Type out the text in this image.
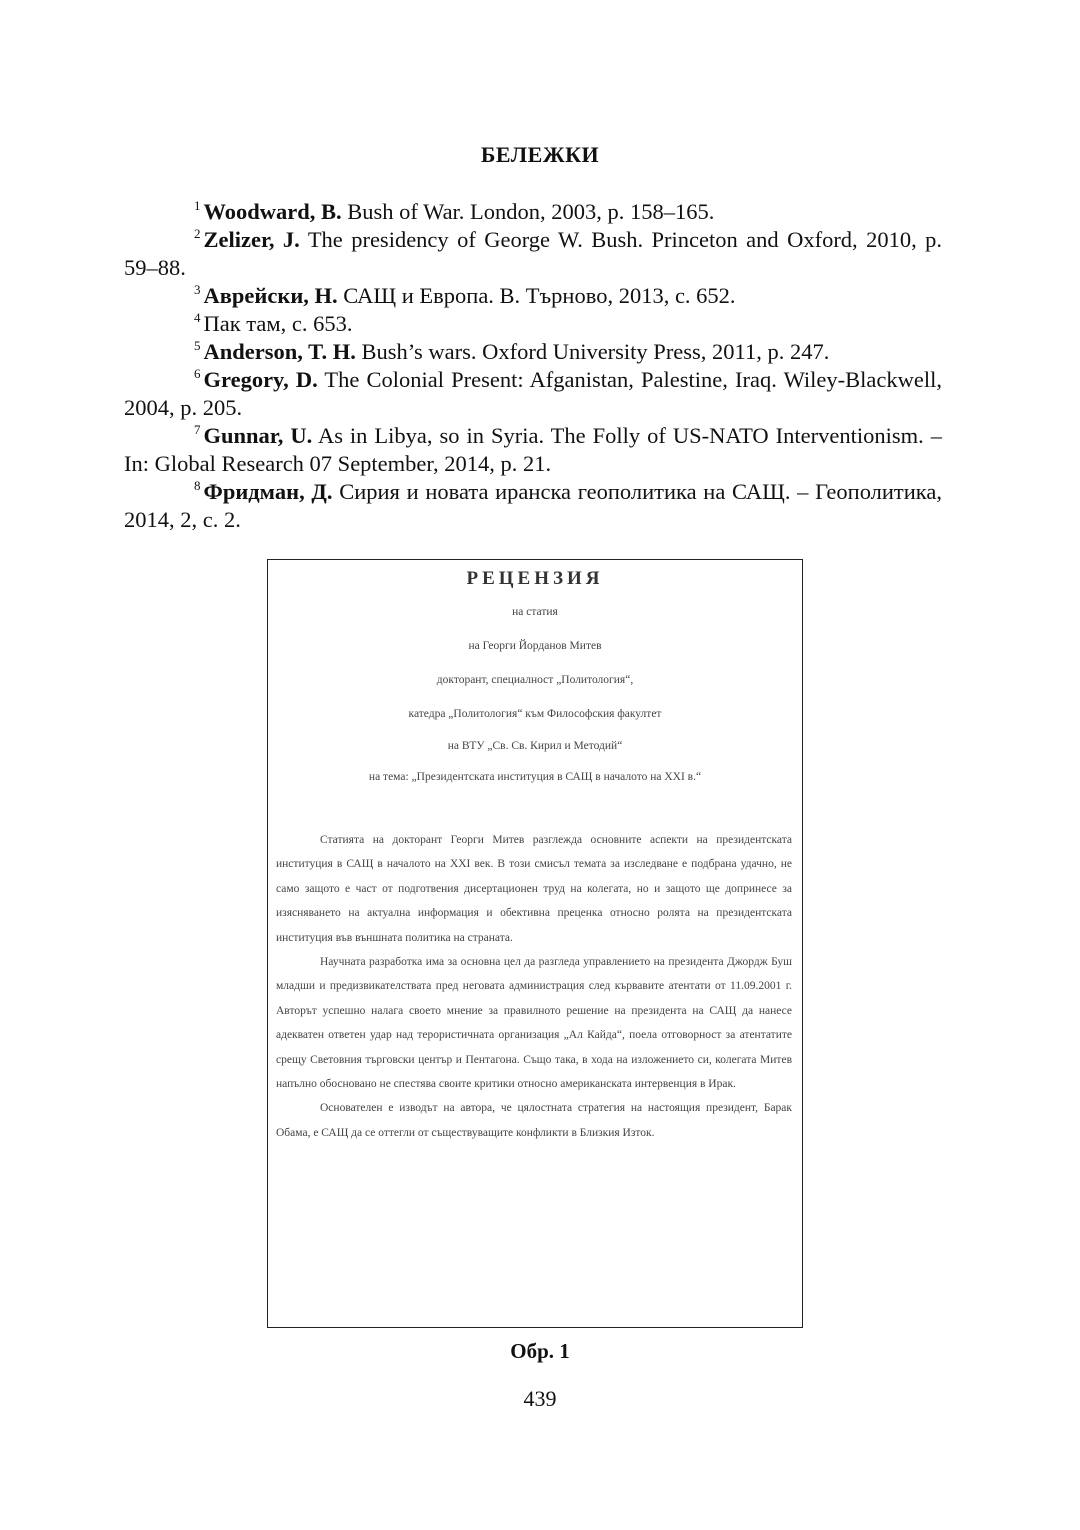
БЕЛЕЖКИ

$^1$ Woodward, B. Bush of War. London, 2003, p. 158–165.

$^2$ Zelizer, J. The presidency of George W. Bush. Princeton and Oxford, 2010, p. 59–88.

$^3$ Аврейски, Н. САЩ и Европа. В. Търново, 2013, с. 652.

$^4$ Пак там, с. 653.

$^5$ Anderson, T. H. Bush’s wars. Oxford University Press, 2011, p. 247.

$^6$ Gregory, D. The Colonial Present: Afganistan, Palestine, Iraq. Wiley-Blackwell, 2004, p. 205.

$^7$ Gunnar, U. As in Libya, so in Syria. The Folly of US-NATO Interventionism. – In: Global Research 07 September, 2014, p. 21.

$^8$ Фридман, Д. Сирия и новата иранска геополитика на САЩ. – Геополитика, 2014, 2, с. 2.

РЕЦЕНЗИЯ
на статия
на Георги Йорданов Митев
докторант, специалност „Политология“,
катедра „Политология“ към Философския факултет
на ВТУ „Св. Св. Кирил и Методий“
на тема: „Президентската институция в САЩ в началото на XXI в.“

Статията на докторант Георги Митев разглежда основните аспекти на президентската институция в САЩ в началото на XXI век. В този смисъл темата за изследване е подбрана удачно, не само защото е част от подготвения дисертационен труд на колегата, но и защото ще допринесе за изясняването на актуална информация и обективна преценка относно ролята на президентската институция във външната политика на страната.

Научната разработка има за основна цел да разгледа управлението на президента Джордж Буш младши и предизвикателствата пред неговата администрация след кървавите атентати от 11.09.2001 г. Авторът успешно налага своето мнение за правилното решение на президента на САЩ да нанесе адекватен ответен удар над терористичната организация „Ал Кайда“, поела отговорност за атентатите срещу Световния търговски център и Пентагона. Също така, в хода на изложението си, колегата Митев напълно обосновано не спестява своите критики относно американската интервенция в Ирак.

Основателен е изводът на автора, че цялостната стратегия на настоящия президент, Барак Обама, е САЩ да се оттегли от съществуващите конфликти в Близкия Изток.

Обр. 1
439
